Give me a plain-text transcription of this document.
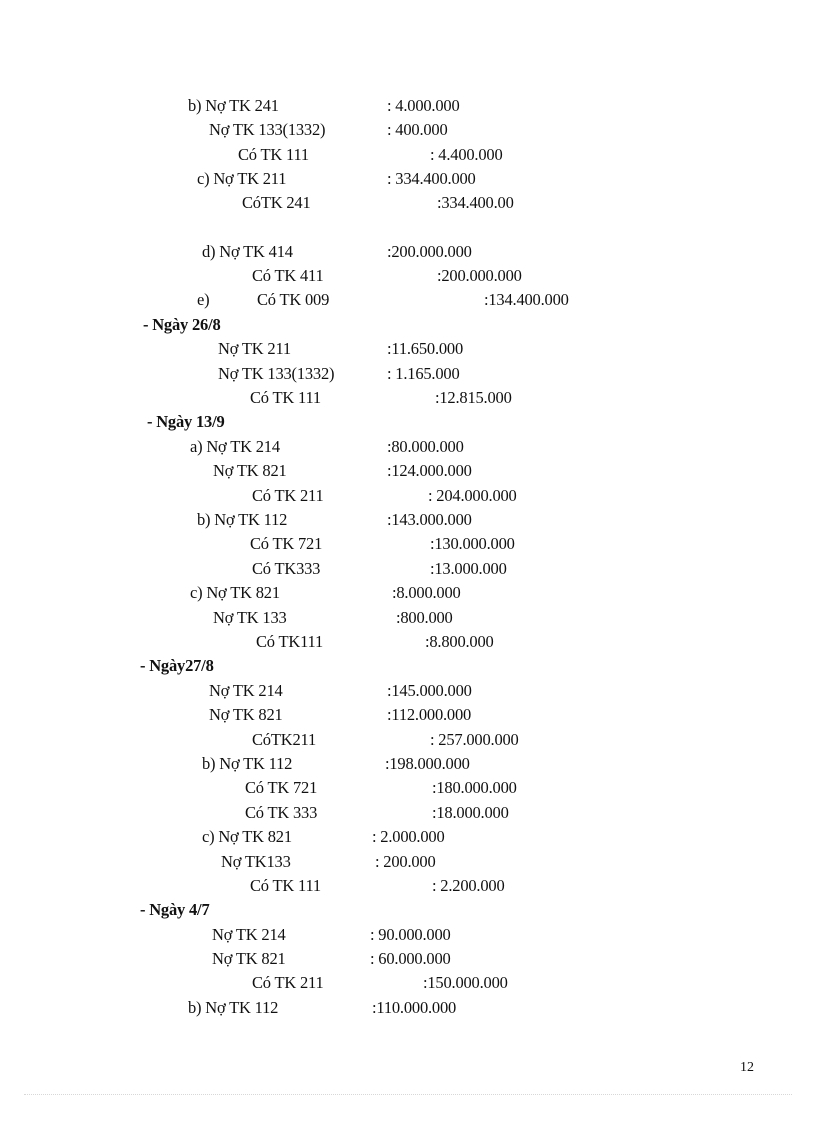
b) Nợ TK 241	: 4.000.000
Nợ TK 133(1332)	: 400.000
Có TK 111	: 4.400.000
c) Nợ TK 211	: 334.400.000
CóTK 241	:334.400.00
d) Nợ TK 414	:200.000.000
Có TK 411	:200.000.000
e)	Có TK 009	:134.400.000
- Ngày 26/8
Nợ TK 211	:11.650.000
Nợ TK 133(1332)	: 1.165.000
Có TK 111	:12.815.000
- Ngày 13/9
a) Nợ TK 214	:80.000.000
Nợ TK 821	:124.000.000
Có TK 211	: 204.000.000
b) Nợ TK 112	:143.000.000
Có TK 721	:130.000.000
Có TK333	:13.000.000
c) Nợ TK 821	:8.000.000
Nợ TK 133	:800.000
Có TK111	:8.800.000
- Ngày27/8
Nợ TK 214	:145.000.000
Nợ TK 821	:112.000.000
CóTK211	: 257.000.000
b) Nợ TK 112	:198.000.000
Có TK 721	:180.000.000
Có TK 333	:18.000.000
c) Nợ TK 821	: 2.000.000
Nợ TK133	: 200.000
Có TK 111	: 2.200.000
- Ngày 4/7
Nợ TK 214	: 90.000.000
Nợ TK 821	: 60.000.000
Có TK 211	:150.000.000
b) Nợ TK 112	:110.000.000
12
